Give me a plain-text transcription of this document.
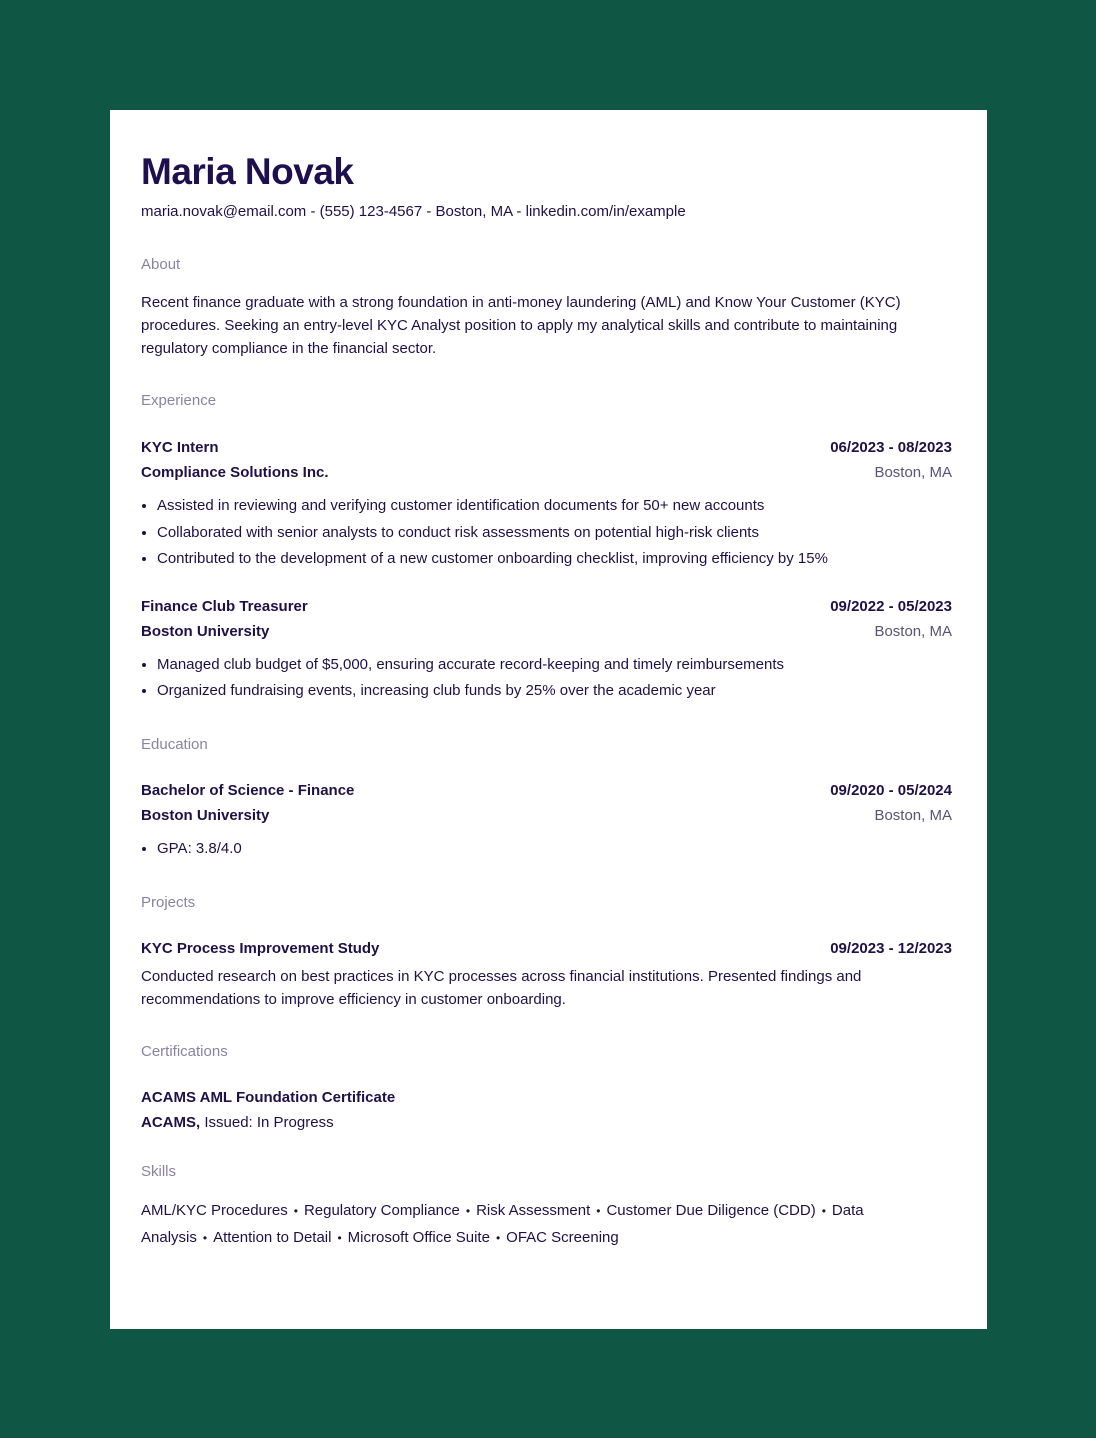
Maria Novak
maria.novak@email.com - (555) 123-4567 - Boston, MA - linkedin.com/in/example
About
Recent finance graduate with a strong foundation in anti-money laundering (AML) and Know Your Customer (KYC) procedures. Seeking an entry-level KYC Analyst position to apply my analytical skills and contribute to maintaining regulatory compliance in the financial sector.
Experience
KYC Intern	06/2023 - 08/2023
Compliance Solutions Inc.	Boston, MA
• Assisted in reviewing and verifying customer identification documents for 50+ new accounts
• Collaborated with senior analysts to conduct risk assessments on potential high-risk clients
• Contributed to the development of a new customer onboarding checklist, improving efficiency by 15%
Finance Club Treasurer	09/2022 - 05/2023
Boston University	Boston, MA
• Managed club budget of $5,000, ensuring accurate record-keeping and timely reimbursements
• Organized fundraising events, increasing club funds by 25% over the academic year
Education
Bachelor of Science - Finance	09/2020 - 05/2024
Boston University	Boston, MA
• GPA: 3.8/4.0
Projects
KYC Process Improvement Study	09/2023 - 12/2023
Conducted research on best practices in KYC processes across financial institutions. Presented findings and recommendations to improve efficiency in customer onboarding.
Certifications
ACAMS AML Foundation Certificate
ACAMS, Issued: In Progress
Skills
AML/KYC Procedures • Regulatory Compliance • Risk Assessment • Customer Due Diligence (CDD) • Data Analysis • Attention to Detail • Microsoft Office Suite • OFAC Screening
